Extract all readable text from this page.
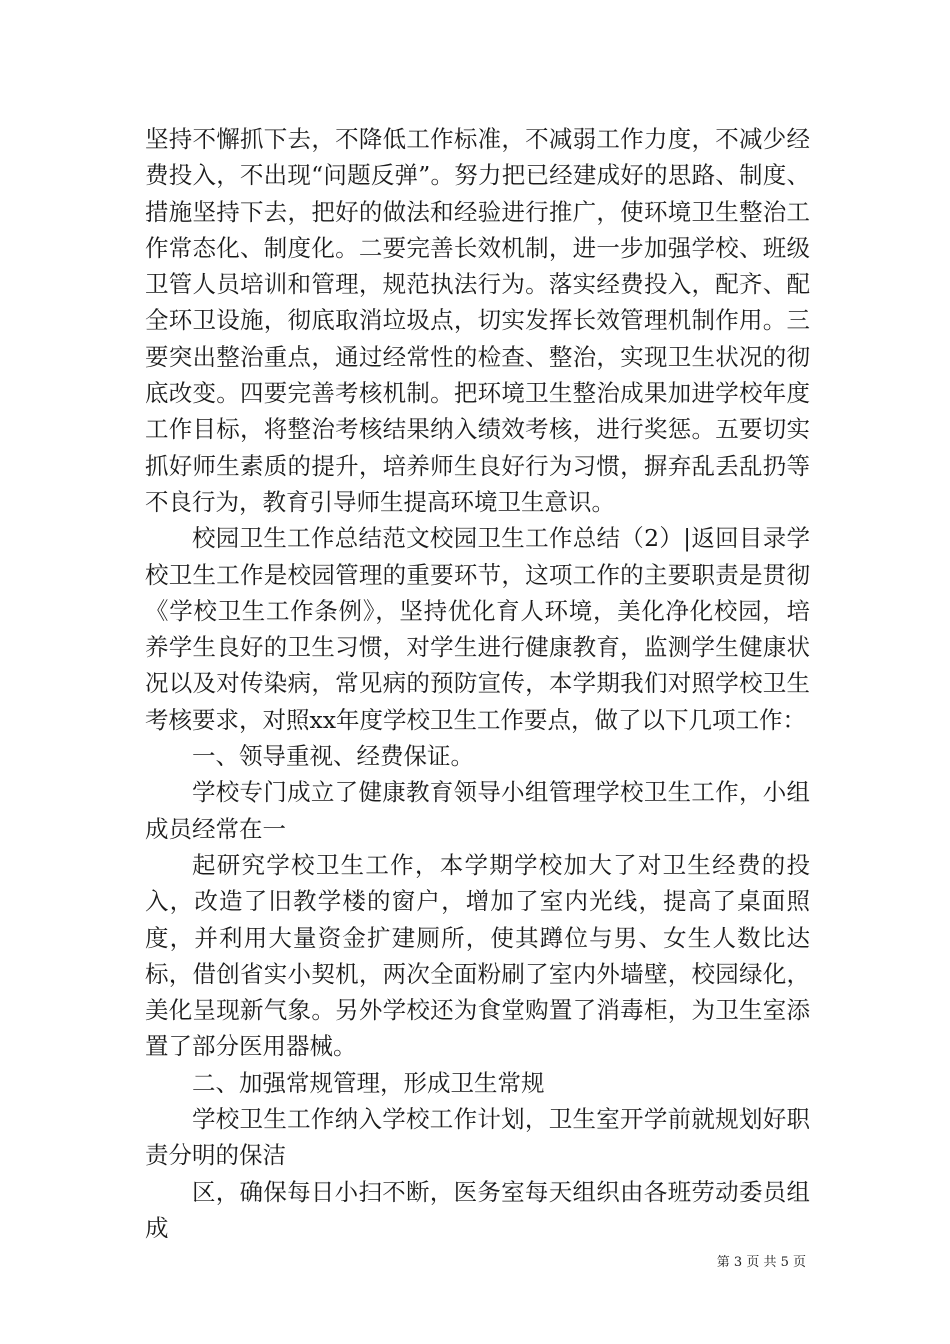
坚持不懈抓下去，不降低工作标准，不减弱工作力度，不减少经费投入，不出现“问题反弹”。努力把已经建成好的思路、制度、措施坚持下去，把好的做法和经验进行推广，使环境卫生整治工作常态化、制度化。二要完善长效机制，进一步加强学校、班级卫管人员培训和管理，规范执法行为。落实经费投入，配齐、配全环卫设施，彻底取消垃圾点，切实发挥长效管理机制作用。三要突出整治重点，通过经常性的检查、整治，实现卫生状况的彻底改变。四要完善考核机制。把环境卫生整治成果加进学校年度工作目标，将整治考核结果纳入绩效考核，进行奖惩。五要切实抓好师生素质的提升，培养师生良好行为习惯，摒弃乱丢乱扔等不良行为，教育引导师生提高环境卫生意识。

校园卫生工作总结范文校园卫生工作总结（2）|返回目录学校卫生工作是校园管理的重要环节，这项工作的主要职责是贯彻《学校卫生工作条例》，坚持优化育人环境，美化净化校园，培养学生良好的卫生习惯，对学生进行健康教育，监测学生健康状况以及对传染病，常见病的预防宣传，本学期我们对照学校卫生考核要求，对照xx年度学校卫生工作要点，做了以下几项工作：

一、领导重视、经费保证。

学校专门成立了健康教育领导小组管理学校卫生工作，小组成员经常在一

起研究学校卫生工作，本学期学校加大了对卫生经费的投入，改造了旧教学楼的窗户，增加了室内光线，提高了桌面照度，并利用大量资金扩建厕所，使其蹲位与男、女生人数比达标，借创省实小契机，两次全面粉刷了室内外墙壁，校园绿化，美化呈现新气象。另外学校还为食堂购置了消毒柜，为卫生室添置了部分医用器械。

二、加强常规管理，形成卫生常规

学校卫生工作纳入学校工作计划，卫生室开学前就规划好职责分明的保洁

区，确保每日小扫不断，医务室每天组织由各班劳动委员组成

第 3 页 共 5 页
